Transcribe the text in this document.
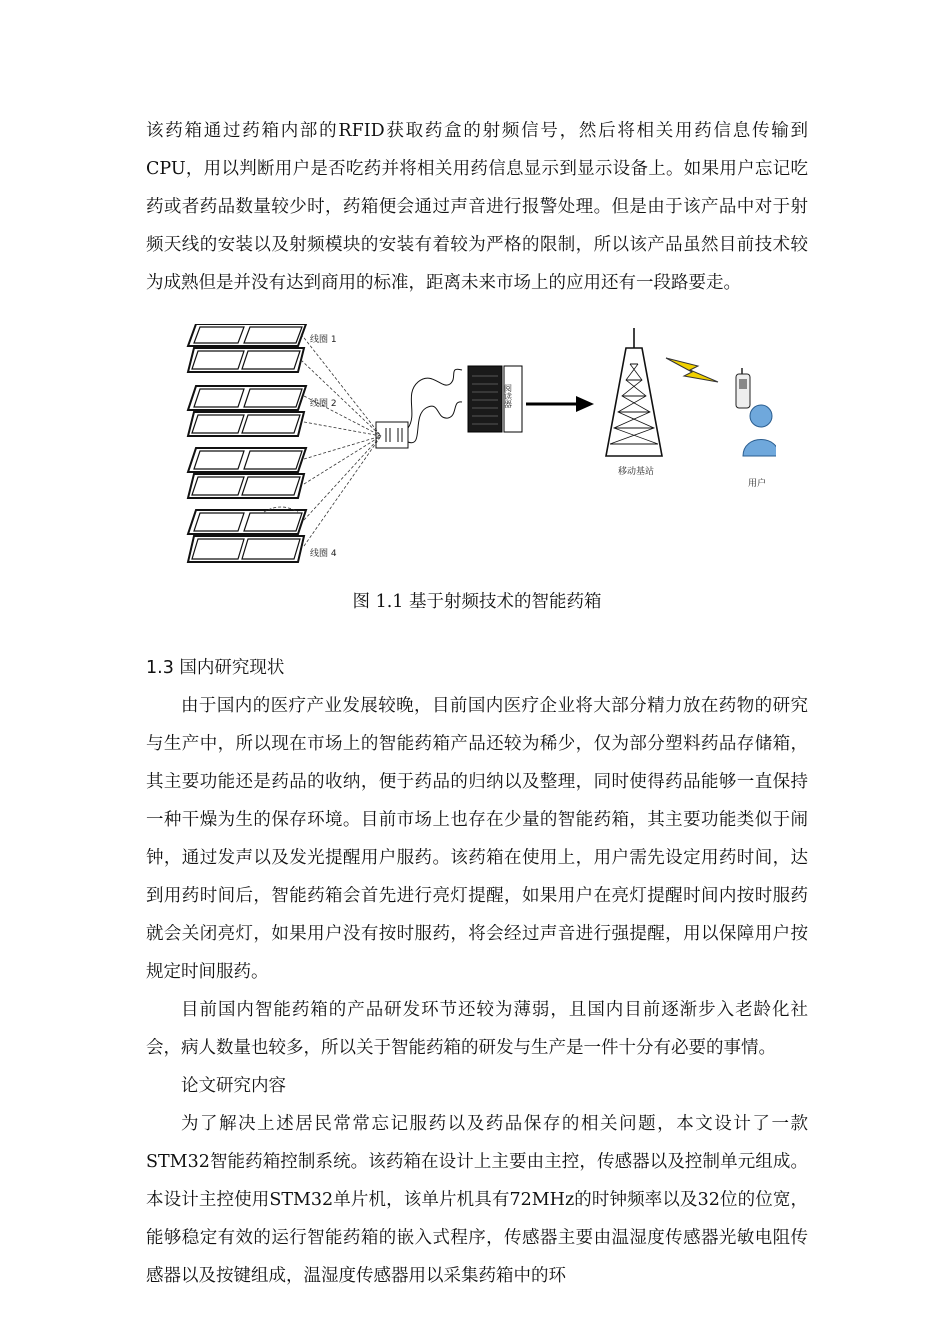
该药箱通过药箱内部的RFID获取药盒的射频信号，然后将相关用药信息传输到CPU，用以判断用户是否吃药并将相关用药信息显示到显示设备上。如果用户忘记吃药或者药品数量较少时，药箱便会通过声音进行报警处理。但是由于该产品中对于射频天线的安装以及射频模块的安装有着较为严格的限制，所以该产品虽然目前技术较为成熟但是并没有达到商用的标准，距离未来市场上的应用还有一段路要走。

线圈 1
线圈 2
线圈 4
阅读器
移动基站
用户

图 1.1 基于射频技术的智能药箱

1.3 国内研究现状

由于国内的医疗产业发展较晚，目前国内医疗企业将大部分精力放在药物的研究与生产中，所以现在市场上的智能药箱产品还较为稀少，仅为部分塑料药品存储箱，其主要功能还是药品的收纳，便于药品的归纳以及整理，同时使得药品能够一直保持一种干燥为生的保存环境。目前市场上也存在少量的智能药箱，其主要功能类似于闹钟，通过发声以及发光提醒用户服药。该药箱在使用上，用户需先设定用药时间，达到用药时间后，智能药箱会首先进行亮灯提醒，如果用户在亮灯提醒时间内按时服药就会关闭亮灯，如果用户没有按时服药，将会经过声音进行强提醒，用以保障用户按规定时间服药。

目前国内智能药箱的产品研发环节还较为薄弱，且国内目前逐渐步入老龄化社会，病人数量也较多，所以关于智能药箱的研发与生产是一件十分有必要的事情。

论文研究内容

为了解决上述居民常常忘记服药以及药品保存的相关问题，本文设计了一款STM32智能药箱控制系统。该药箱在设计上主要由主控，传感器以及控制单元组成。本设计主控使用STM32单片机，该单片机具有72MHz的时钟频率以及32位的位宽，能够稳定有效的运行智能药箱的嵌入式程序，传感器主要由温湿度传感器光敏电阻传感器以及按键组成，温湿度传感器用以采集药箱中的环
